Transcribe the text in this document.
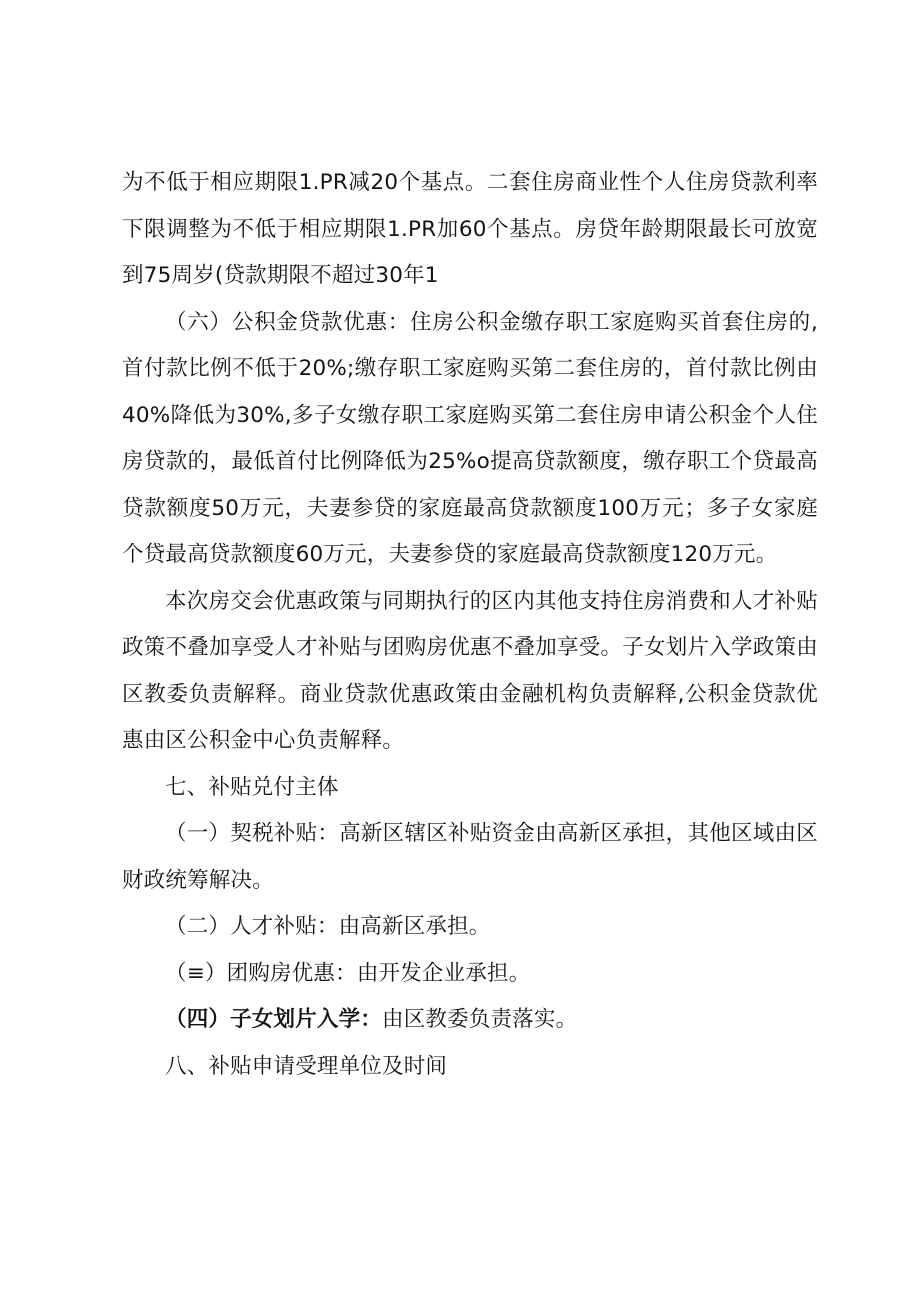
为不低于相应期限1.PR减20个基点。二套住房商业性个人住房贷款利率下限调整为不低于相应期限1.PR加60个基点。房贷年龄期限最长可放宽到75周岁(贷款期限不超过30年1

（六）公积金贷款优惠：住房公积金缴存职工家庭购买首套住房的,首付款比例不低于20%;缴存职工家庭购买第二套住房的，首付款比例由40%降低为30%,多子女缴存职工家庭购买第二套住房申请公积金个人住房贷款的，最低首付比例降低为25%o提高贷款额度，缴存职工个贷最高贷款额度50万元，夫妻参贷的家庭最高贷款额度100万元；多子女家庭个贷最高贷款额度60万元，夫妻参贷的家庭最高贷款额度120万元。

本次房交会优惠政策与同期执行的区内其他支持住房消费和人才补贴政策不叠加享受人才补贴与团购房优惠不叠加享受。子女划片入学政策由区教委负责解释。商业贷款优惠政策由金融机构负责解释,公积金贷款优惠由区公积金中心负责解释。

七、补贴兑付主体

（一）契税补贴：高新区辖区补贴资金由高新区承担，其他区域由区财政统筹解决。

（二）人才补贴：由高新区承担。

（≡）团购房优惠：由开发企业承担。

（四）子女划片入学：由区教委负责落实。

八、补贴申请受理单位及时间
